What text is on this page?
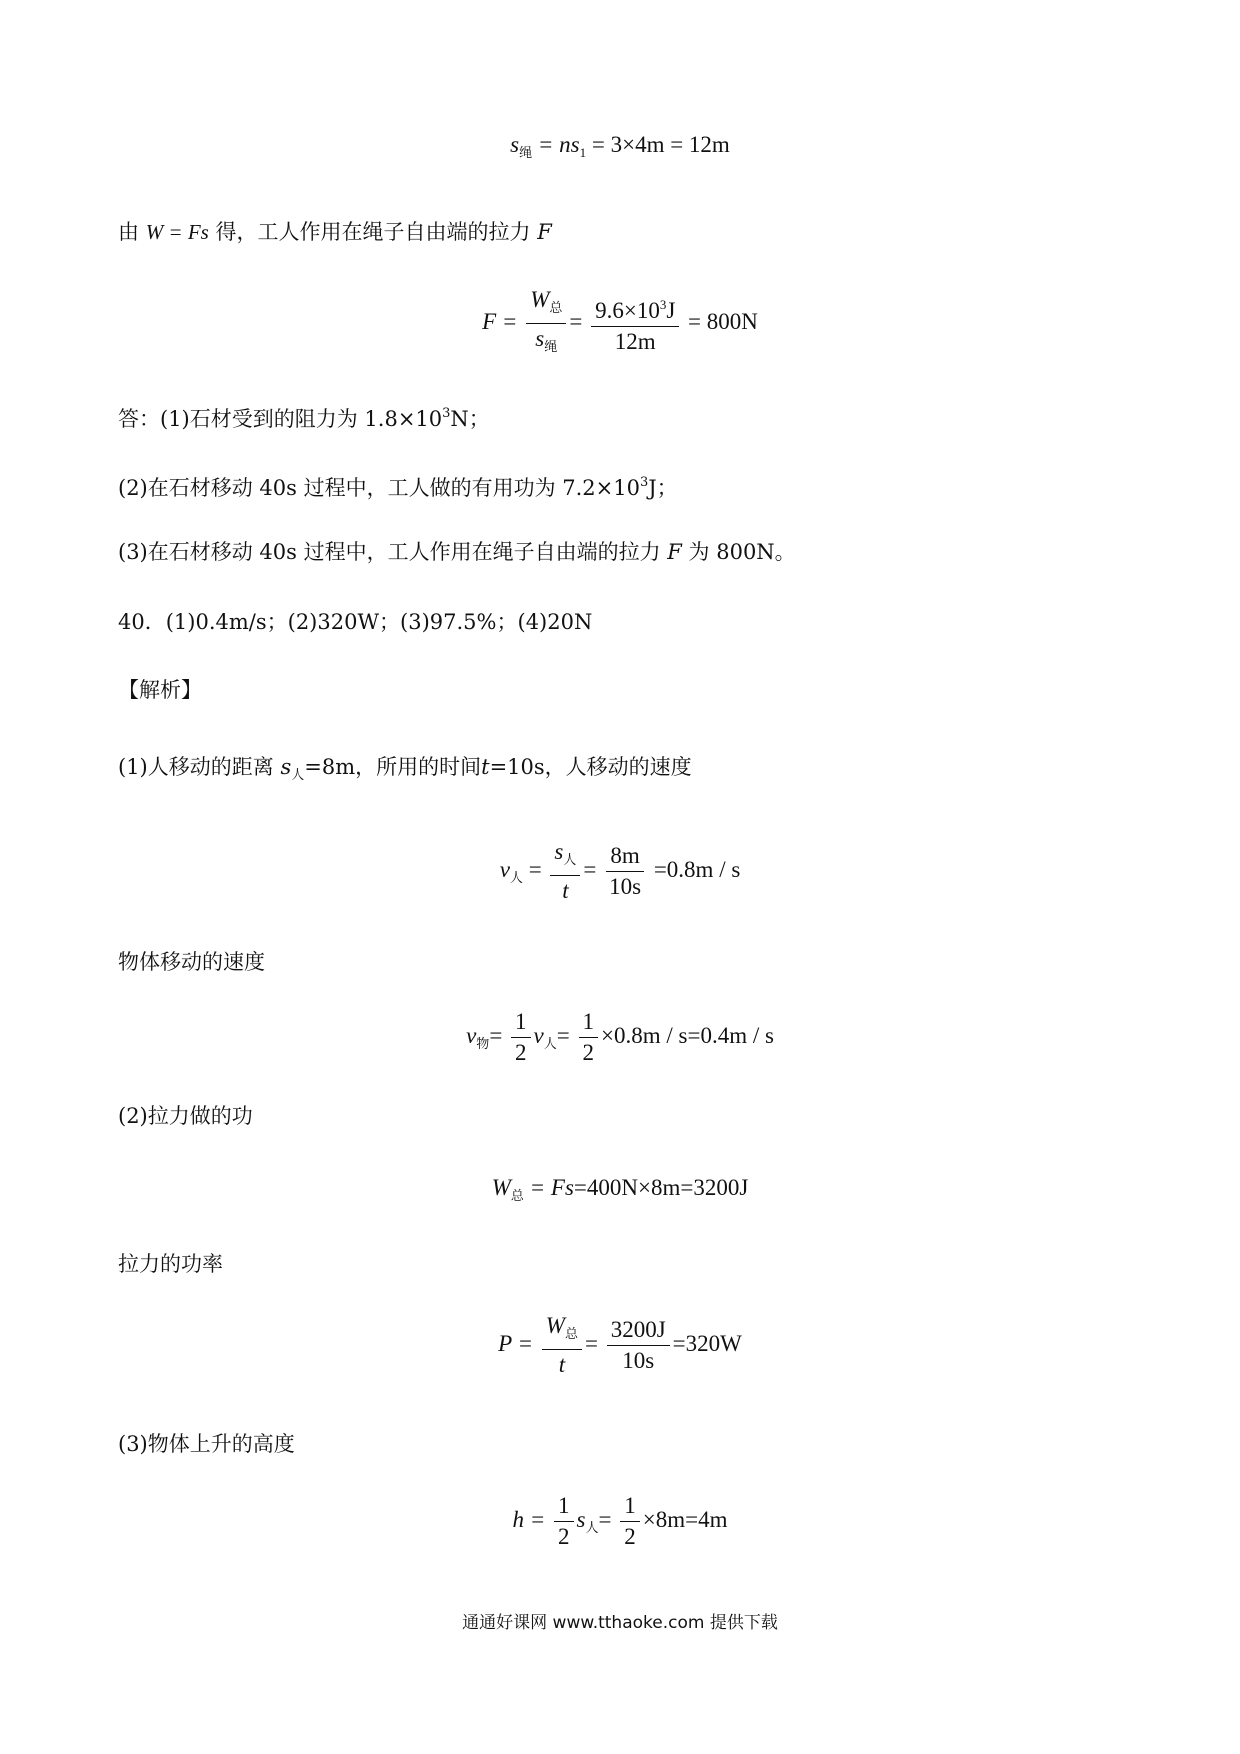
$s_绳 = ns_1 = 3\times 4m = 12m$
由 W = Fs 得，工人作用在绳子自由端的拉力 F
$F = \frac{W_总}{s_绳} = \frac{9.6\times 10^3J}{12m} = 800N$
答：(1)石材受到的阻力为 $1.8\times 10^3N$；
(2)在石材移动 40s 过程中，工人做的有用功为 $7.2\times 10^3J$；
(3)在石材移动 40s 过程中，工人作用在绳子自由端的拉力 F 为 800N。
40．(1)0.4m/s；(2)320W；(3)97.5%；(4)20N
【解析】
(1)人移动的距离 $s_人=8m$，所用的时间t=10s，人移动的速度
$v_人 = \frac{s_人}{t} = \frac{8m}{10s} =0.8m / s$
物体移动的速度
$v_物= \frac{1}{2} v_人= \frac{1}{2} \times 0.8m / s=0.4m / s$
(2)拉力做的功
$W_总 = Fs=400N\times 8m=3200J$
拉力的功率
$P = \frac{W_总}{t} = \frac{3200J}{10s} =320W$
(3)物体上升的高度
$h = \frac{1}{2} s_人= \frac{1}{2} \times 8m=4m$
通通好课网 www.tthaoke.com 提供下载
